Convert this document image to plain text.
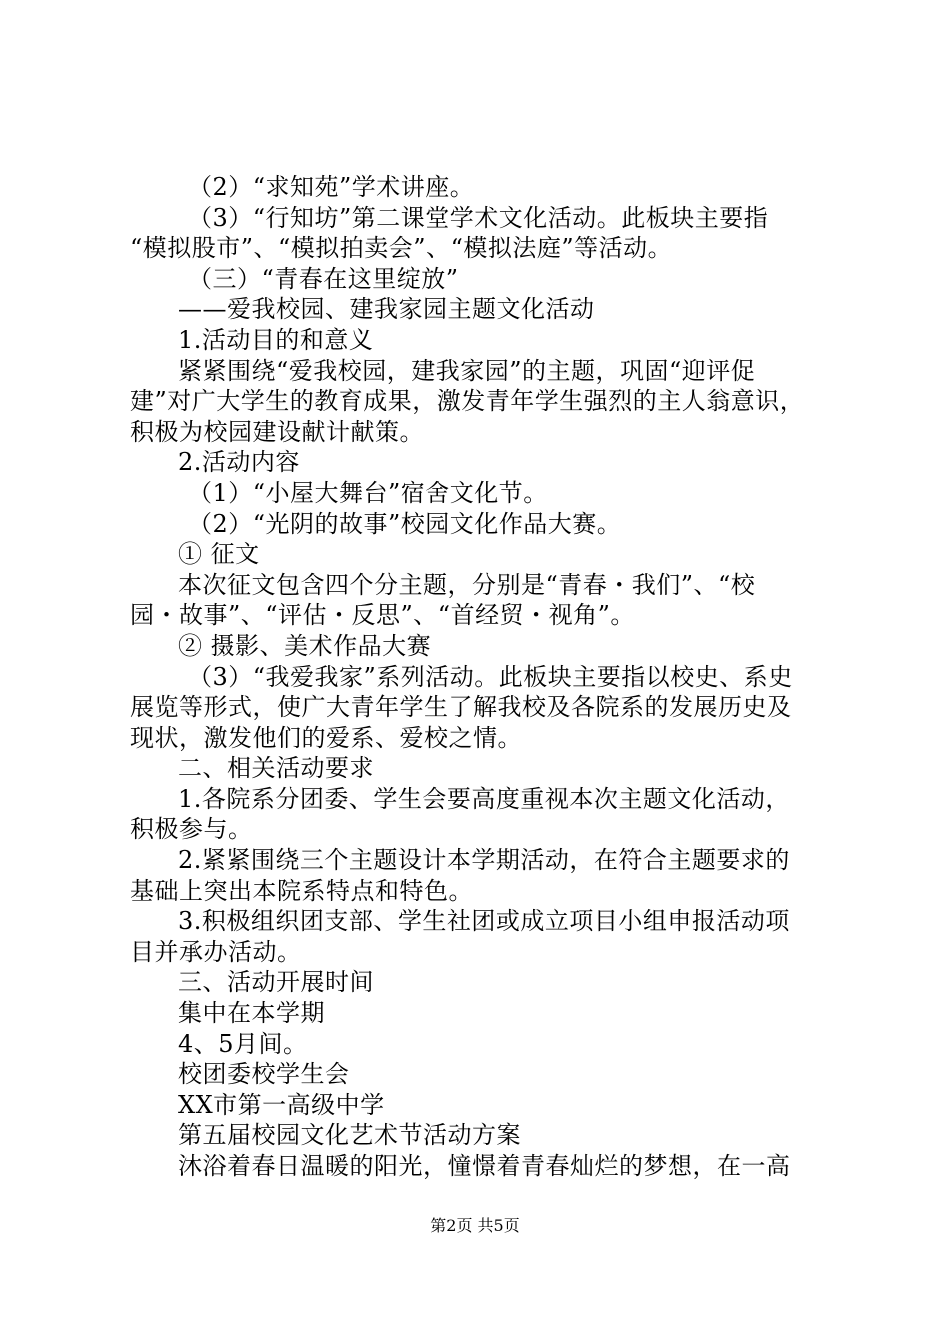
（2）“求知苑”学术讲座。
（3）“行知坊”第二课堂学术文化活动。此板块主要指
“模拟股市”、“模拟拍卖会”、“模拟法庭”等活动。
（三）“青春在这里绽放”
——爱我校园、建我家园主题文化活动
1.活动目的和意义
紧紧围绕“爱我校园，建我家园”的主题，巩固“迎评促
建”对广大学生的教育成果，激发青年学生强烈的主人翁意识，
积极为校园建设献计献策。
2.活动内容
（1）“小屋大舞台”宿舍文化节。
（2）“光阴的故事”校园文化作品大赛。
① 征文
本次征文包含四个分主题，分别是“青春・我们”、“校
园・故事”、“评估・反思”、“首经贸・视角”。
② 摄影、美术作品大赛
（3）“我爱我家”系列活动。此板块主要指以校史、系史
展览等形式，使广大青年学生了解我校及各院系的发展历史及
现状，激发他们的爱系、爱校之情。
二、相关活动要求
1.各院系分团委、学生会要高度重视本次主题文化活动，
积极参与。
2.紧紧围绕三个主题设计本学期活动，在符合主题要求的
基础上突出本院系特点和特色。
3.积极组织团支部、学生社团或成立项目小组申报活动项
目并承办活动。
三、活动开展时间
集中在本学期
4、5月间。
校团委校学生会
XX市第一高级中学
第五届校园文化艺术节活动方案
沐浴着春日温暖的阳光，憧憬着青春灿烂的梦想，在一高
第2页 共5页
